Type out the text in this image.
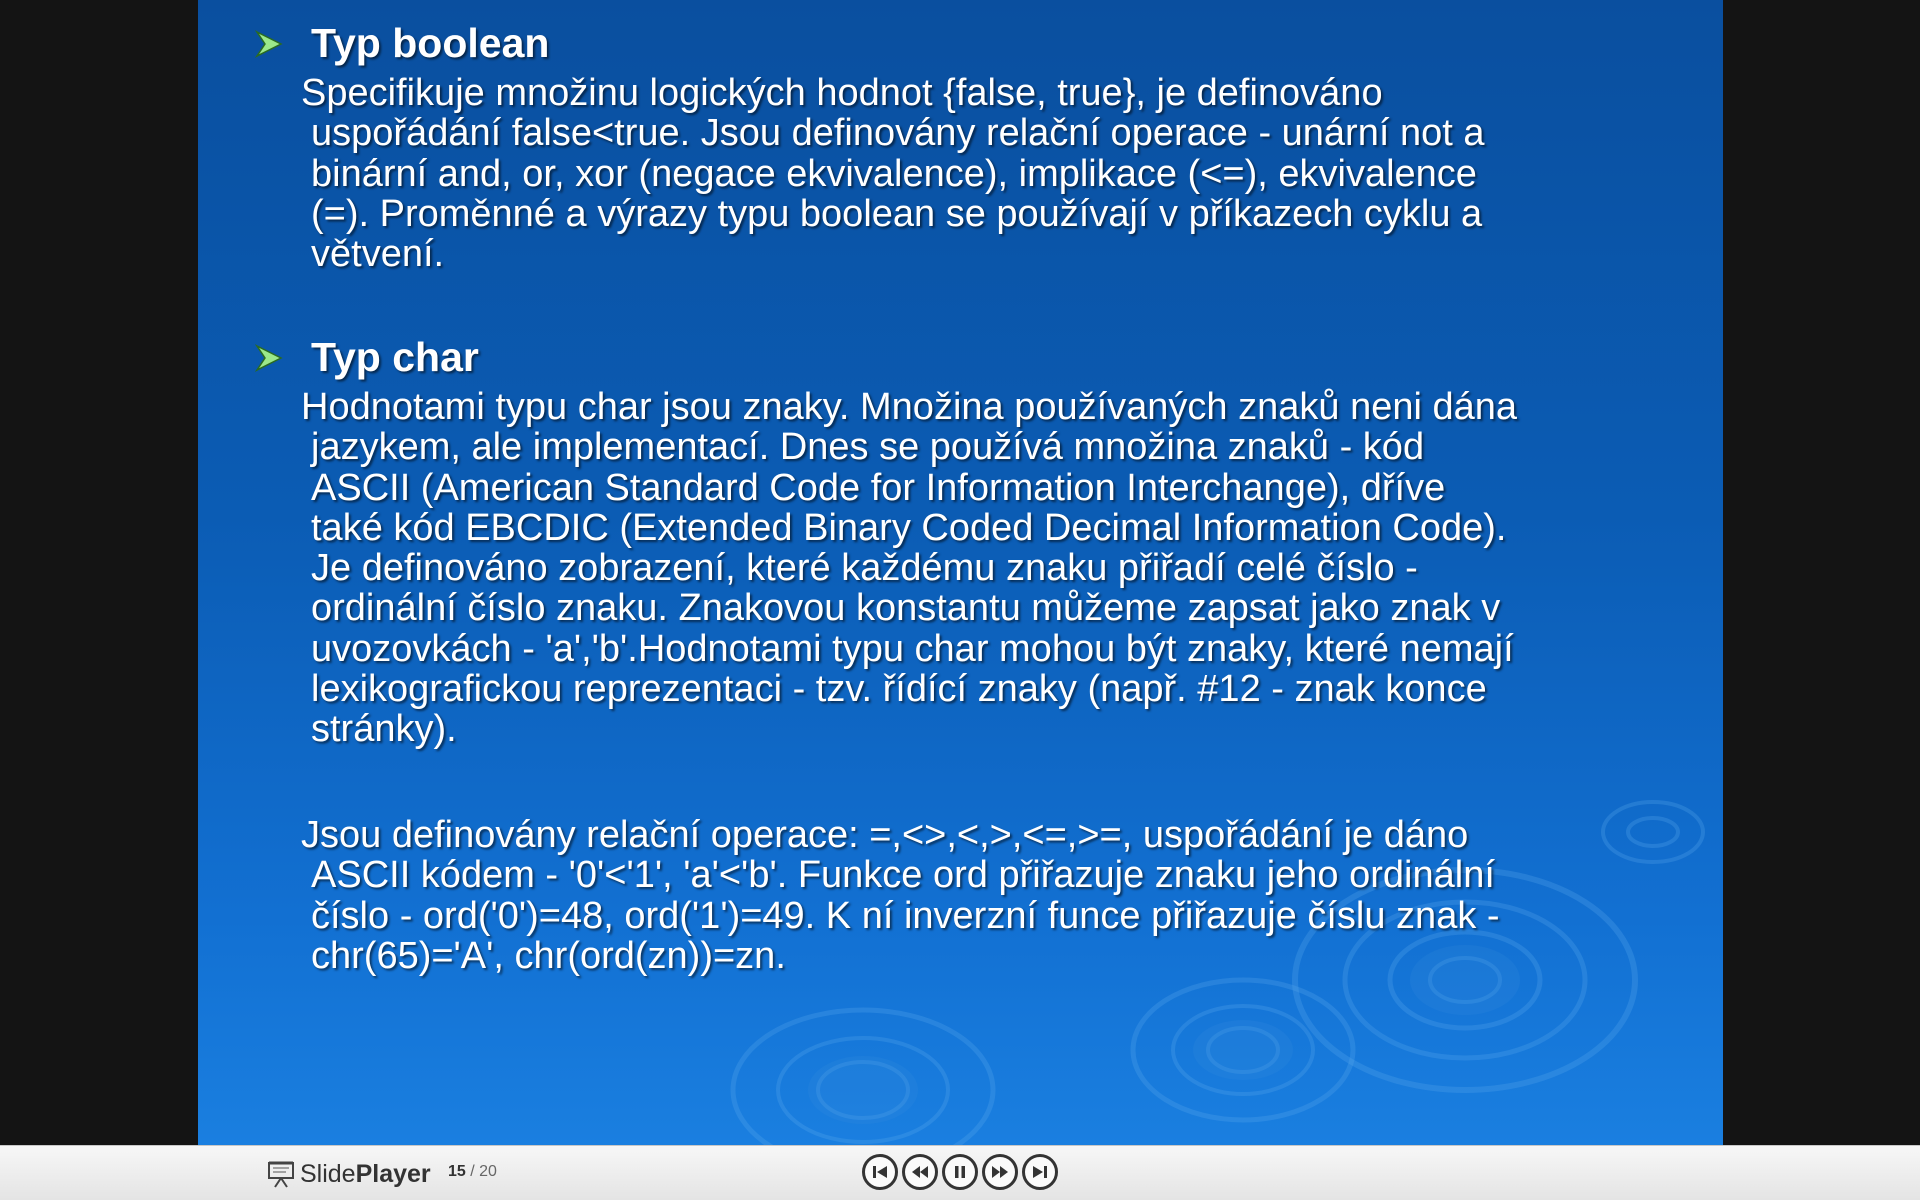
Typ boolean
Specifikuje množinu logických hodnot {false, true}, je definováno
uspořádání false<true. Jsou definovány relační operace - unární not a
binární and, or, xor (negace ekvivalence), implikace (<=), ekvivalence
(=). Proměnné a výrazy typu boolean se používají v příkazech cyklu a
větvení.
Typ char
Hodnotami typu char jsou znaky. Množina používaných znaků neni dána
jazykem, ale implementací. Dnes se používá množina znaků - kód
ASCII (American Standard Code for Information Interchange), dříve
také kód EBCDIC (Extended Binary Coded Decimal Information Code).
Je definováno zobrazení, které každému znaku přiřadí celé číslo -
ordinální číslo znaku. Znakovou konstantu můžeme zapsat jako znak v
uvozovkách - 'a','b'.Hodnotami typu char mohou být znaky, které nemají
lexikografickou reprezentaci - tzv. řídící znaky (např. #12 - znak konce
stránky).
Jsou definovány relační operace: =,<>,<,>,<=,>=, uspořádání je dáno
ASCII kódem - '0'<'1', 'a'<'b'. Funkce ord přiřazuje znaku jeho ordinální
číslo - ord('0')=48, ord('1')=49. K ní inverzní funce přiřazuje číslu znak -
chr(65)='A', chr(ord(zn))=zn.
SlidePlayer 15 / 20
